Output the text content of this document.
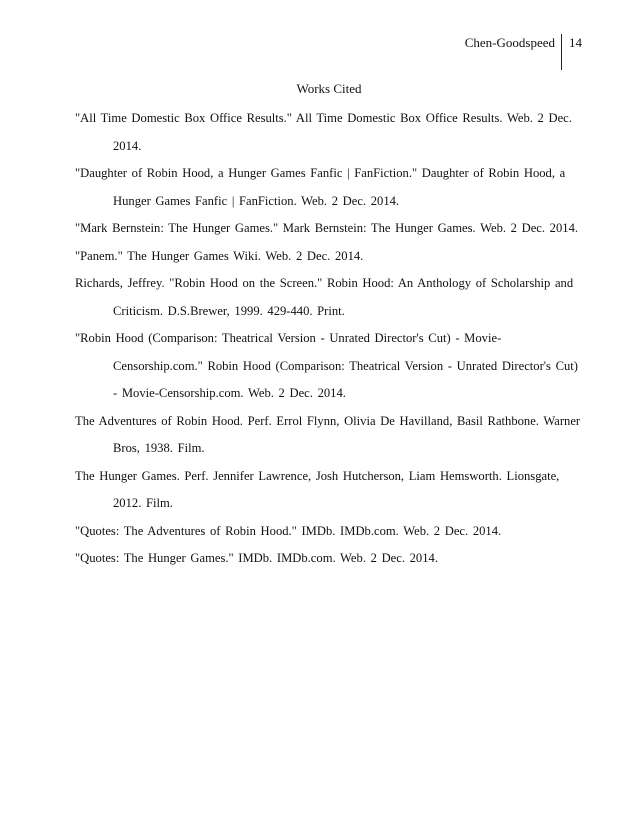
Chen-Goodspeed	14
Works Cited
"All Time Domestic Box Office Results." All Time Domestic Box Office Results. Web. 2 Dec.
2014.
"Daughter of Robin Hood, a Hunger Games Fanfic | FanFiction." Daughter of Robin Hood, a
Hunger Games Fanfic | FanFiction. Web. 2 Dec. 2014.
"Mark Bernstein: The Hunger Games." Mark Bernstein: The Hunger Games. Web. 2 Dec. 2014.
"Panem." The Hunger Games Wiki. Web. 2 Dec. 2014.
Richards, Jeffrey. "Robin Hood on the Screen." Robin Hood: An Anthology of Scholarship and
Criticism. D.S.Brewer, 1999. 429-440. Print.
"Robin Hood (Comparison: Theatrical Version - Unrated Director's Cut) - Movie-
Censorship.com." Robin Hood (Comparison: Theatrical Version - Unrated Director's Cut)
- Movie-Censorship.com. Web. 2 Dec. 2014.
The Adventures of Robin Hood. Perf. Errol Flynn, Olivia De Havilland, Basil Rathbone. Warner
Bros, 1938. Film.
The Hunger Games. Perf. Jennifer Lawrence, Josh Hutcherson, Liam Hemsworth. Lionsgate,
2012. Film.
"Quotes: The Adventures of Robin Hood." IMDb. IMDb.com. Web. 2 Dec. 2014.
"Quotes: The Hunger Games." IMDb. IMDb.com. Web. 2 Dec. 2014.
